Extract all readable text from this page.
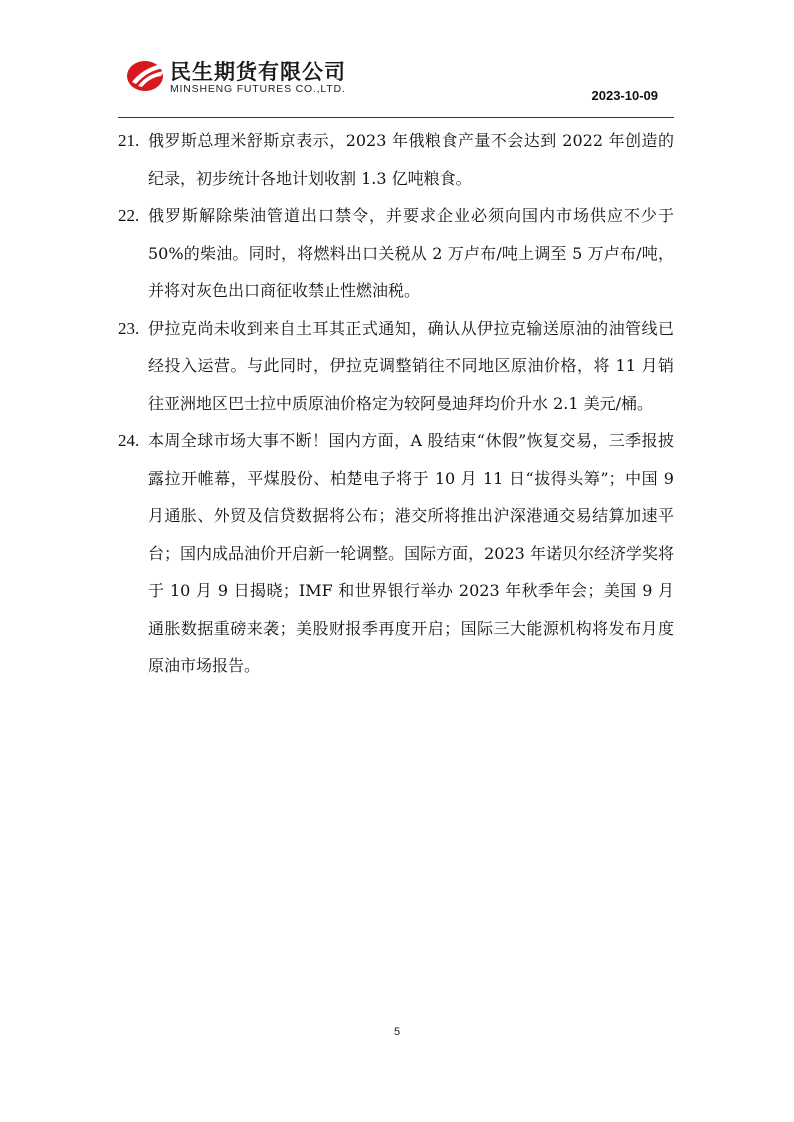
民生期货有限公司
MINSHENG FUTURES CO.,LTD.	2023-10-09
21. 俄罗斯总理米舒斯京表示，2023 年俄粮食产量不会达到 2022 年创造的纪录，初步统计各地计划收割 1.3 亿吨粮食。
22. 俄罗斯解除柴油管道出口禁令，并要求企业必须向国内市场供应不少于 50%的柴油。同时，将燃料出口关税从 2 万卢布/吨上调至 5 万卢布/吨，并将对灰色出口商征收禁止性燃油税。
23. 伊拉克尚未收到来自土耳其正式通知，确认从伊拉克输送原油的油管线已经投入运营。与此同时，伊拉克调整销往不同地区原油价格，将 11 月销往亚洲地区巴士拉中质原油价格定为较阿曼迪拜均价升水 2.1 美元/桶。
24. 本周全球市场大事不断！国内方面，A 股结束“休假”恢复交易，三季报披露拉开帷幕，平煤股份、柏楚电子将于 10 月 11 日“拔得头筹”；中国 9 月通胀、外贸及信贷数据将公布；港交所将推出沪深港通交易结算加速平台；国内成品油价开启新一轮调整。国际方面，2023 年诺贝尔经济学奖将于 10 月 9 日揭晓；IMF 和世界银行举办 2023 年秋季年会；美国 9 月通胀数据重磅来袭；美股财报季再度开启；国际三大能源机构将发布月度原油市场报告。
5
